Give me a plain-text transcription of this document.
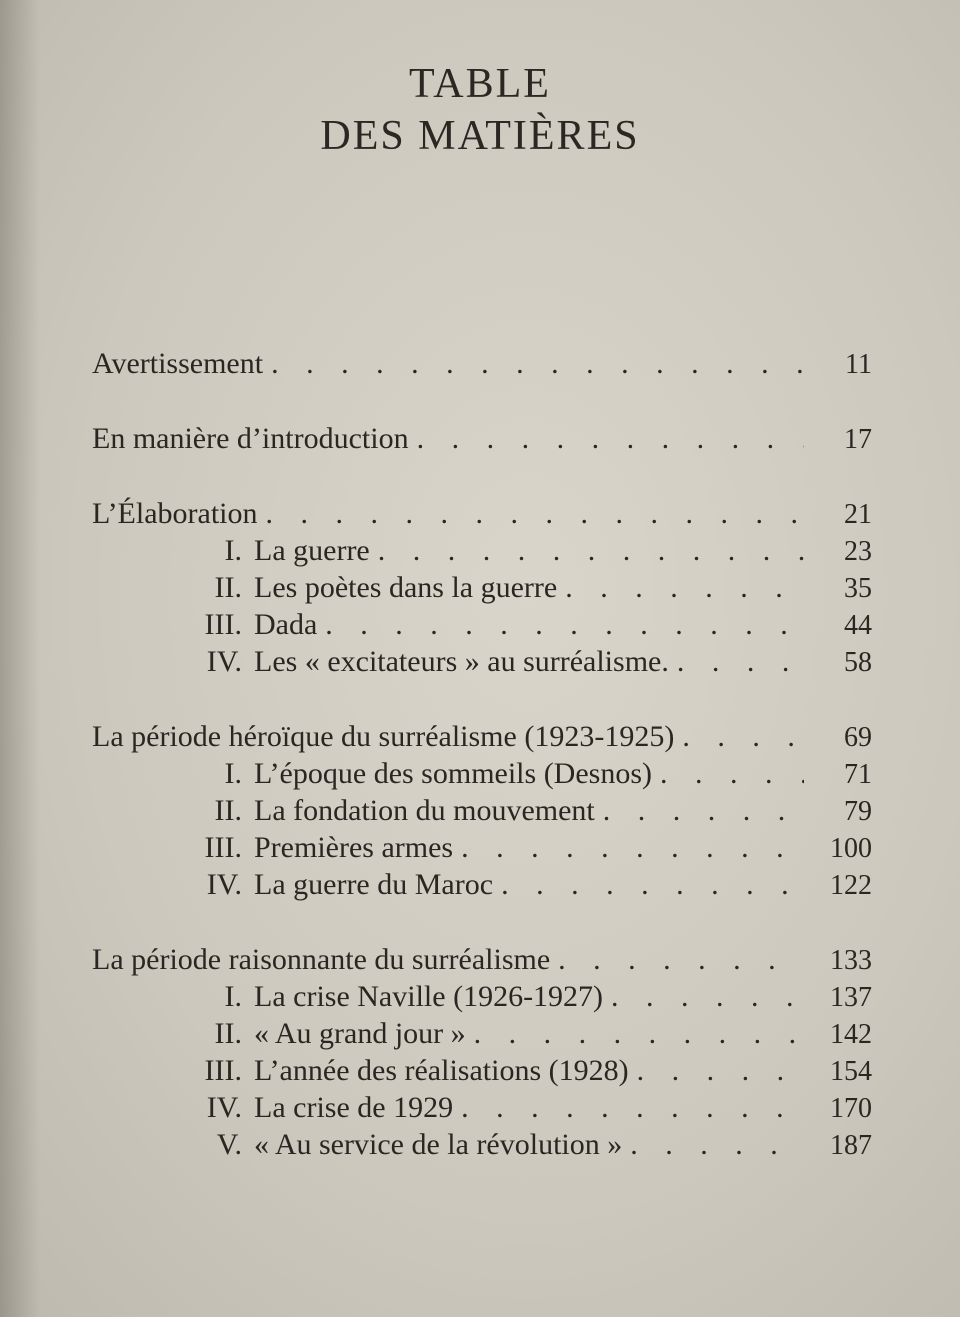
TABLE
DES MATIÈRES
Avertissement . . .	11
En manière d’introduction . . .	17
L’Élaboration . . .	21
I. La guerre . . .	23
II. Les poètes dans la guerre . . .	35
III. Dada . . .	44
IV. Les « excitateurs » au surréalisme. . . .	58
La période héroïque du surréalisme (1923-1925) . . .	69
I. L’époque des sommeils (Desnos) . . .	71
II. La fondation du mouvement . . .	79
III. Premières armes . . .	100
IV. La guerre du Maroc . . .	122
La période raisonnante du surréalisme . . .	133
I. La crise Naville (1926-1927) . . .	137
II. « Au grand jour » . . .	142
III. L’année des réalisations (1928) . . .	154
IV. La crise de 1929 . . .	170
V. « Au service de la révolution » . . .	187
